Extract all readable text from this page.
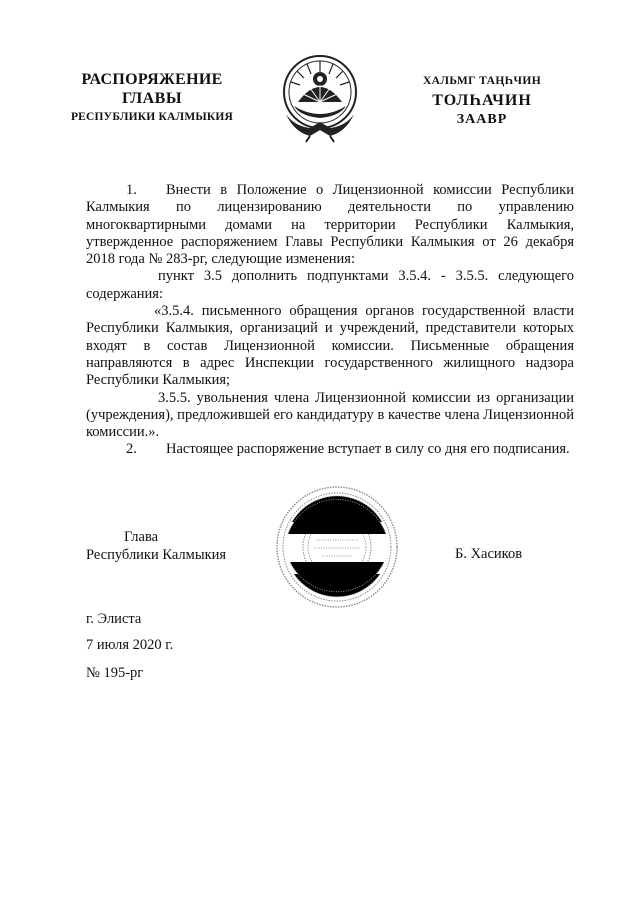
РАСПОРЯЖЕНИЕ
ГЛАВЫ
РЕСПУБЛИКИ КАЛМЫКИЯ
ХАЛЬМГ ТАҢҺЧИН
ТОЛҺАЧИН
ЗААВР

1. Внести в Положение о Лицензионной комиссии Республики Калмыкия по лицензированию деятельности по управлению многоквартирными домами на территории Республики Калмыкия, утвержденное распоряжением Главы Республики Калмыкия от 26 декабря 2018 года № 283-рг, следующие изменения:

пункт 3.5 дополнить подпунктами 3.5.4. - 3.5.5. следующего содержания:

«3.5.4. письменного обращения органов государственной власти Республики Калмыкия, организаций и учреждений, представители которых входят в состав Лицензионной комиссии. Письменные обращения направляются в адрес Инспекции государственного жилищного надзора Республики Калмыкия;

3.5.5. увольнения члена Лицензионной комиссии из организации (учреждения), предложившей его кандидатуру в качестве члена Лицензионной комиссии.».

2. Настоящее распоряжение вступает в силу со дня его подписания.

Глава
Республики Калмыкия	Б. Хасиков
г. Элиста
7 июля 2020 г.
№ 195-рг
